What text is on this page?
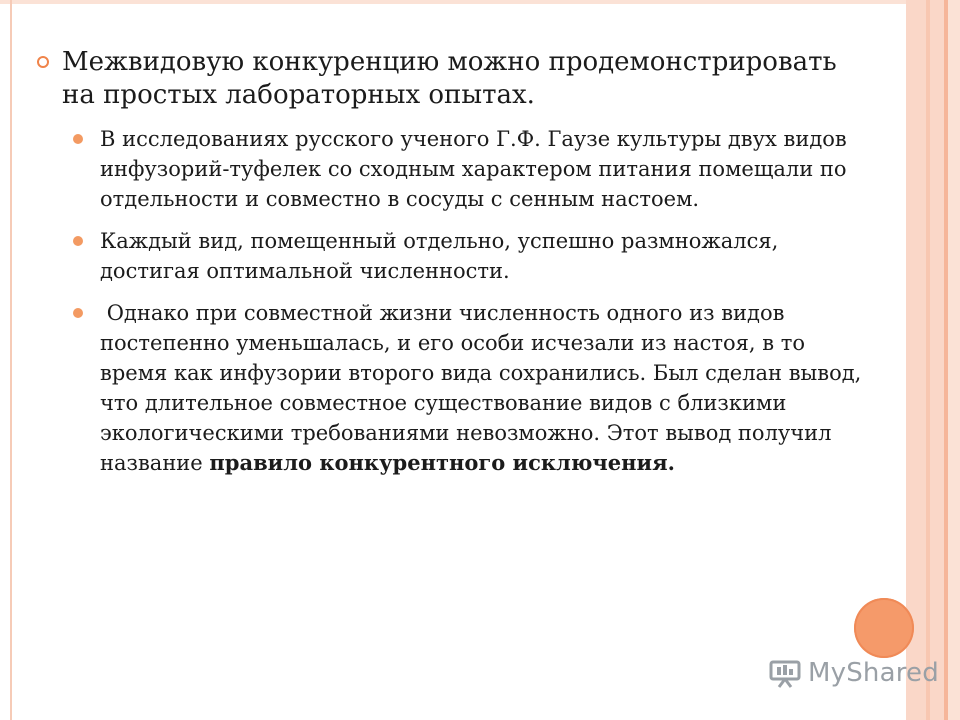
Межвидовую конкуренцию можно продемонстрировать на простых лабораторных опытах.
В исследованиях русского ученого Г.Ф. Гаузе культуры двух видов инфузорий-туфелек со сходным характером питания помещали по отдельности и совместно в сосуды с сенным настоем.
Каждый вид, помещенный отдельно, успешно размножался, достигая оптимальной численности.
Однако при совместной жизни численность одного из видов постепенно уменьшалась, и его особи исчезали из настоя, в то время как инфузории второго вида сохранились. Был сделан вывод, что длительное совместное существование видов с близкими экологическими требованиями невозможно. Этот вывод получил название правило конкурентного исключения.
MyShared
